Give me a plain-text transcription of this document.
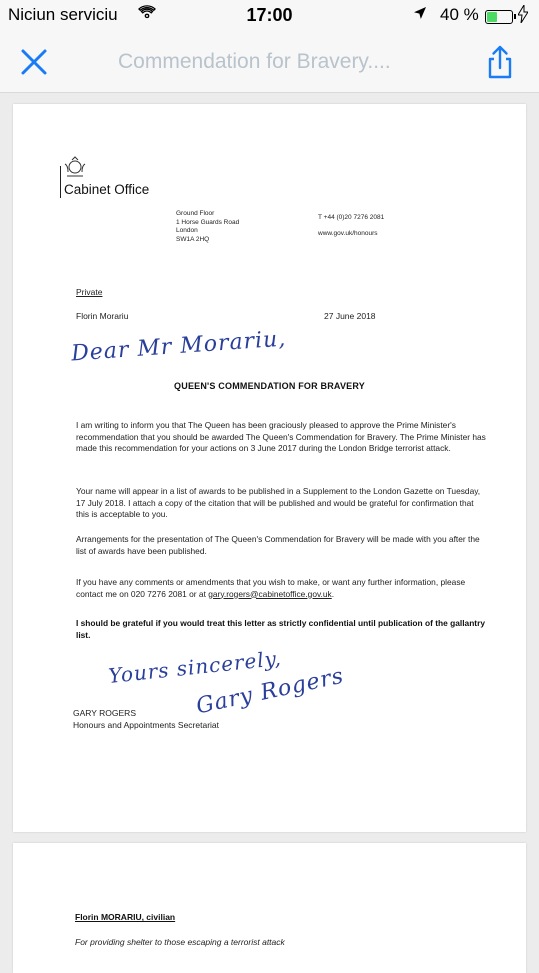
Niciun serviciu	17:00	40 %
Commendation for Bravery....
Cabinet Office
Ground Floor
1 Horse Guards Road
London
SW1A 2HQ
T +44 (0)20 7276 2081
www.gov.uk/honours
Private
Florin Morariu	27 June 2018
Dear Mr Morariu,
QUEEN'S COMMENDATION FOR BRAVERY
I am writing to inform you that The Queen has been graciously pleased to approve the Prime Minister's recommendation that you should be awarded The Queen's Commendation for Bravery. The Prime Minister has made this recommendation for your actions on 3 June 2017 during the London Bridge terrorist attack.
Your name will appear in a list of awards to be published in a Supplement to the London Gazette on Tuesday, 17 July 2018. I attach a copy of the citation that will be published and would be grateful for confirmation that this is acceptable to you.
Arrangements for the presentation of The Queen's Commendation for Bravery will be made with you after the list of awards have been published.
If you have any comments or amendments that you wish to make, or want any further information, please contact me on 020 7276 2081 or at gary.rogers@cabinetoffice.gov.uk.
I should be grateful if you would treat this letter as strictly confidential until publication of the gallantry list.
Yours sincerely,
Gary Rogers
GARY ROGERS
Honours and Appointments Secretariat
Florin MORARIU, civilian
For providing shelter to those escaping a terrorist attack
